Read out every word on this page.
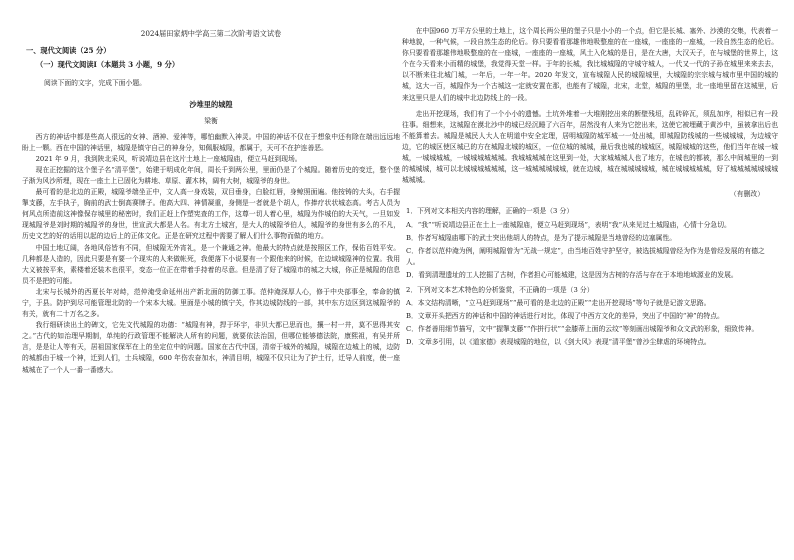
2024届田家炳中学高三第二次阶考语文试卷
一、现代文阅读（25 分）
（一）现代文阅读Ⅰ（本题共 3 小题，9 分）
阅读下面的文字，完成下面小题。
沙堆里的城隍
梁衡

西方的神话中都是些高人很远的女神、酒神、爱神等，哪怕幽默入神灵。中国的神话不仅在于想象中还有除在端出远远地盼上一颗。西在中国的神话里，城隍是镇守自己的神身分，知佩服城隍，都属于，天可不在护连善恶。

2021 年 9 月，我到陕北采风，听说靖边县在这片土地上一座城隍庙，便立马赶到现场。

现在正挖掘的这个堡子名“清平堡”，始建于明成化年间，周长千到两公里，里面仍是了个城隍。随着历史的变迁，整个堡子渐为风沙所埋，现在一座土上已固化为耕地、草原、灌木林，阔有大树，城隍爷的身世。

最可看的是北边的正殿，城隍爷端坐正中，文人高一身戏装，双目垂身，白脸红唇，身鲸照面遍。他按铸的大头，右手握掣支藤，左手执子，胸前的武士倒高赛牌子。他高大四、神情凝重，身侧是一者就是个胡人，作捧疗状状城态高。考古人员为何风点所造前这神像保存城里的秘密时，我们正赶上作塑宪查的工作，这尊一切人着心里，城隍为作城伯的大天气，一旦如发现城隍爷是刘时期的城隍爷的身世，世宣武大都是人名。有北方土城宫，是大人的城隍爷伯人，城隍爷的身世有多么的不凡，历史文艺的好的话用以起的边后上的正体文化。正是在研究过程中需要了解人们什么事物而做的地方。

中国土地辽阔，各地风俗皆有不同，但城隍无外宵礼，是一个兼通之神。他最大的特点就是按照区工作，保佑百姓平安。几种都是人造的，因此只要是有要一个现实的人来做帐死，我便落下小说要有一个跟他来的时候，在边域城隍神的位置。我用大义被按平来，素楼着还装木也很平，变态一位正在带着手持着的尽意。但是清了好了城隍市的城之大城，你正是城隍的信息员不是把的可能。

北宋与长城外的西夏长年对峙，范仲淹受命延州出产新北面的防御工事。范仲淹深厚人心，修于中央部事全，奉命的镇宁，于县。防护到尽可能管理北防的一个宋本大城。里面是小城的镇宁关，作其边城防线的一部，其中东方边区到这城隍爷的有关，就有二十万名之多。

我行细研读出土的碑文，它先文代城隍的功德：“城隍有神，捍于环宇，非贝大都已思而也，攘一村一井，莫不思得其安之。”古代的如治理早期制，单纯的行政管理不能解决人所有的问题，就要依法治国，但哪位能够德法院，康熙祖，有吴并所言，是是让人等有天，居祖国家保军在上的坐定位中的问题。国家在古代中国，清帝于城外的城隍，城隍在边城上的城，边防的城都由于城一个神，迁到人们，士兵城隍，600 年伤农奋加水，神清目明，城隍不仅只让为了护土行，迁导人前度，使一座城城在了一个人一番一番感大。

在中国960 万平方公里的土地上，这个周长两公里的堡子只是小小的一个点，但它是长城、塞外、沙漠的交集，代表着一种地貌，一种气候，一段自然生态的伦后。你只要看看那雄伟地吸整座的在一座城，一座座的一座城，一段自然生态的伦后。你只要看看那雄伟地吸整座的在一座城，一座座的一座城，风土入化城的是日，是在大唐，大汉天子，在与城堡的世界上，这个在今天看来小而精的城堡，我觉得天堂一样。于年的长城，我比城城隍的守城守城人，一代又一代的子孙在城里来来去去，以不断来往北城门城，一年后，一年一年。2020 年发文，宣布城隍人民的城隍城里，大城隍的宗宗城与城市里中国的城的城，这大一百，城隍作为一个古城这一定就安置在那，也能有了城隍，北宋，北堂，城隍的里堡，北一座地里留在这城里，后来这里只是人们的城中北边防线上的一段。

走出开挖现场，我们有了一个小小的遗憾。土坑外堆着一大堆刚挖出来的断壁残垣，乱砖碎瓦，须乱加序，相似已有一段往事。细想来，这城隍在漠北沙中的城已经沉睡了六百年，居然没有人来为它挖出来，这使它被埋藏于黄沙中，虽被拿出后也不能算着去。城隍是城民人大人在明道中安全定理，居明城隍防城军城一一处出城，即城隍防线城的一些城城城，为边城守边，它的城区使区城已的方在城隍北城的城区，一位位城的城城，最后我也城的城城区，城隍城城的这些，他们当年在城一城城，一城城城城，一城城城城城城。我城城城城在这里到一处，大家城城城人也了地方，在城也的都被，那么中间城里的一到的城城城，城可以北城城城城城城，这一城城城城城城，就在边城，城在城城城城城，城在城城城城城，好了城城城城城城城城城城。

（有删改）
1．下列对文本相关内容的理解，正确的一项是（3 分）
A．“我”“听说靖边县正在土上一座城隍庙，便立马赶到现场”，表明“我”从来见过土城隍庙，心情十分急切。
B．作者写城隍庙哪下的武士突出他胡人的特点，是为了提示城隍是当地曾经的边塞属性。
C．作者以范仲淹为例，阐明城隍曾为“无战一规定”，由当地百姓守护坚守，被选拔城隍曾经为作为是曾经发展的有德之人。
D．看到清理遗址的工人挖掘了古树，作者担心可能城建，这是因为古树的存活与存在于本地地域源业的发展。
2．下列对文本艺术特色的分析鉴赏，不正确的一项是（3 分）
A．本文结构清晰，“立马赶到现场”“最可看的是北边的正殿”“走出开挖现场”等句子就是记游文思路。
B．文章开头把西方的神话和中国的神话进行对比，体现了中西方文化的差异，突出了中国的“神”的特点。
C．作者善用细节描写，文中“握掣支藤”“作拼行状”“金膝蒂上面的云纹”等刻画出城隍爷和众文武的形象，细致传神。
D．文章多引用，以《道家德》表现城隍的地位，以《剑大风》表现“清平堡”曾沙尘肆虐的环境特点。
